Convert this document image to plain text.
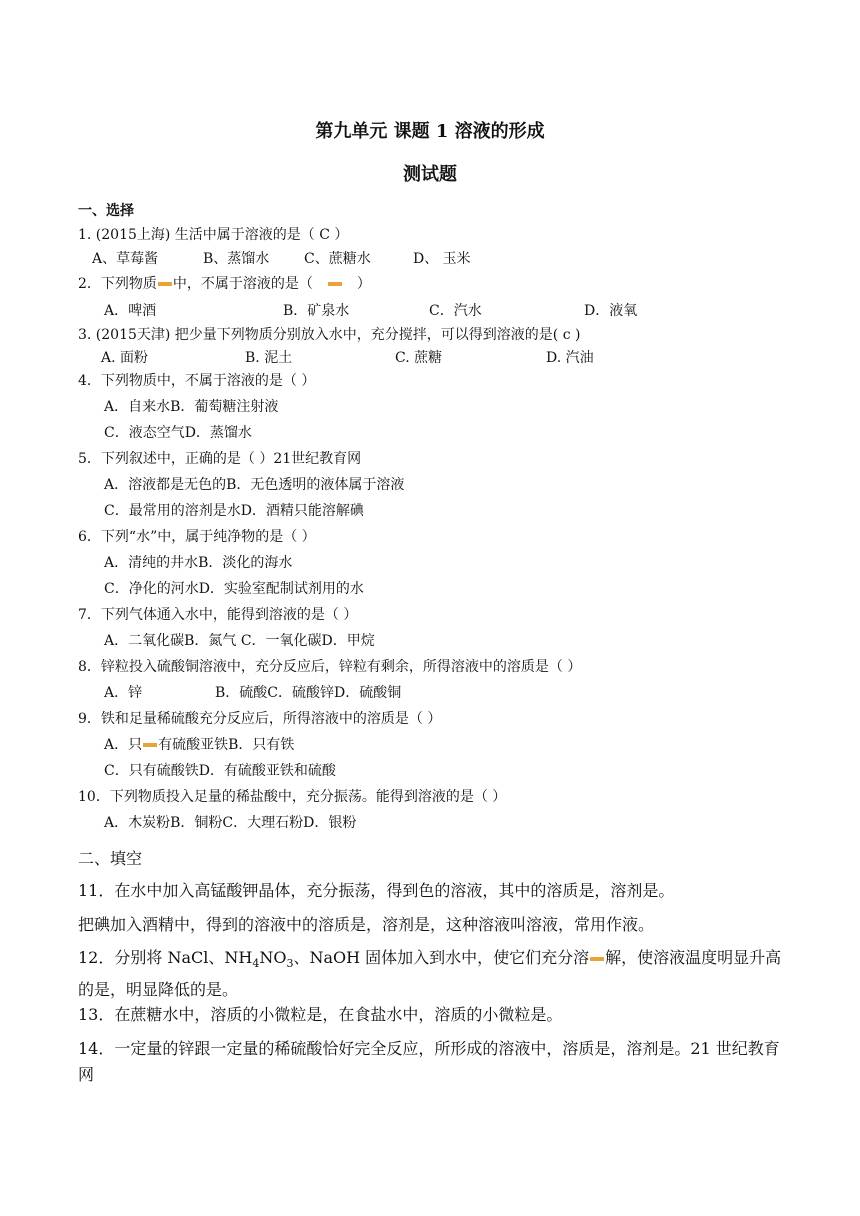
第九单元 课题 1 溶液的形成
测试题
一、选择
1. (2015上海) 生活中属于溶液的是（ C ）
A、草莓酱	B、蒸馏水 C、蔗糖水	D、 玉米
2．下列物质 中，不属于溶液的是（	）
A．啤酒	B．矿泉水	C．汽水	D．液氧
3. (2015天津) 把少量下列物质分别放入水中，充分搅拌，可以得到溶液的是( c )
A. 面粉	B. 泥土	C. 蔗糖	D. 汽油
4．下列物质中，不属于溶液的是（ ）
A．自来水B．葡萄糖注射液
C．液态空气D．蒸馏水
5．下列叙述中，正确的是（ ）21世纪教育网
A．溶液都是无色的B．无色透明的液体属于溶液
C．最常用的溶剂是水D．酒精只能溶解碘
6．下列“水”中，属于纯净物的是（ ）
A．清纯的井水B．淡化的海水
C．净化的河水D．实验室配制试剂用的水
7．下列气体通入水中，能得到溶液的是（ ）
A．二氧化碳B．氮气 C．一氧化碳D．甲烷
8．锌粒投入硫酸铜溶液中，充分反应后，锌粒有剩余，所得溶液中的溶质是（ ）
A．锌	B．硫酸C．硫酸锌D．硫酸铜
9．铁和足量稀硫酸充分反应后，所得溶液中的溶质是（ ）
A．只 有硫酸亚铁B．只有铁
C．只有硫酸铁D．有硫酸亚铁和硫酸
10．下列物质投入足量的稀盐酸中，充分振荡。能得到溶液的是（ ）
A．木炭粉B．铜粉C．大理石粉D．银粉
二、填空
11．在水中加入高锰酸钾晶体，充分振荡，得到色的溶液，其中的溶质是，溶剂是。
把碘加入酒精中，得到的溶液中的溶质是，溶剂是，这种溶液叫溶液，常用作液。
12．分别将 NaCl、$NH_4NO_3$、NaOH 固体加入到水中，使它们充分溶 解，使溶液温度明显升高的是，明显降低的是。
13．在蔗糖水中，溶质的小微粒是，在食盐水中，溶质的小微粒是。
14．一定量的锌跟一定量的稀硫酸恰好完全反应，所形成的溶液中，溶质是，溶剂是。21 世纪教育网
